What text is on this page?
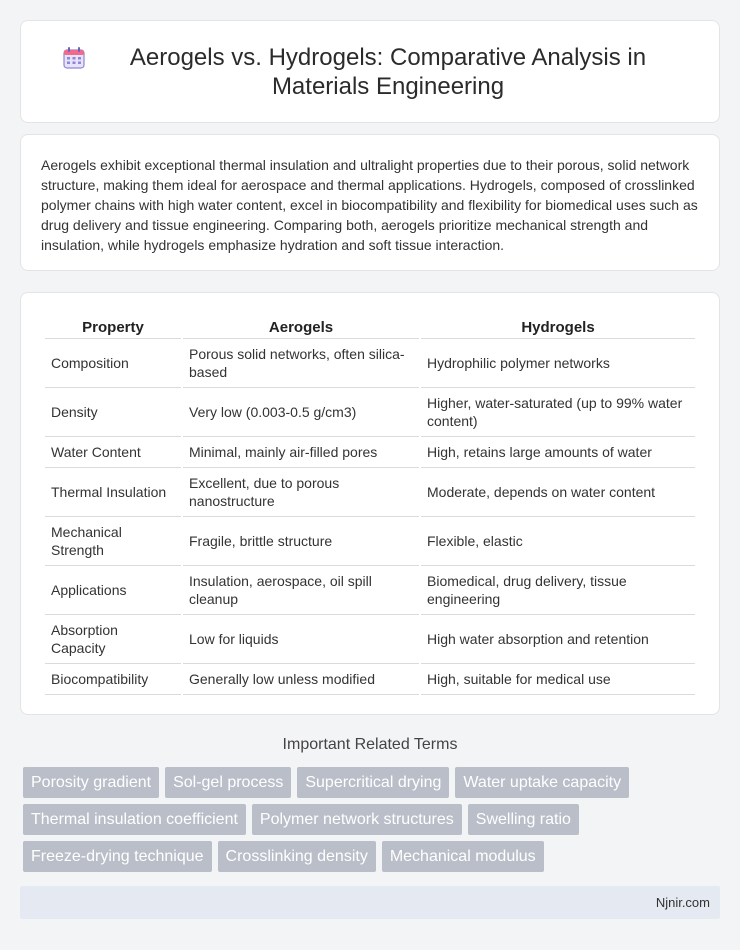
Aerogels vs. Hydrogels: Comparative Analysis in Materials Engineering

Aerogels exhibit exceptional thermal insulation and ultralight properties due to their porous, solid network structure, making them ideal for aerospace and thermal applications. Hydrogels, composed of crosslinked polymer chains with high water content, excel in biocompatibility and flexibility for biomedical uses such as drug delivery and tissue engineering. Comparing both, aerogels prioritize mechanical strength and insulation, while hydrogels emphasize hydration and soft tissue interaction.

Property	Aerogels	Hydrogels
Composition	Porous solid networks, often silica-based	Hydrophilic polymer networks
Density	Very low (0.003-0.5 g/cm3)	Higher, water-saturated (up to 99% water content)
Water Content	Minimal, mainly air-filled pores	High, retains large amounts of water
Thermal Insulation	Excellent, due to porous nanostructure	Moderate, depends on water content
Mechanical Strength	Fragile, brittle structure	Flexible, elastic
Applications	Insulation, aerospace, oil spill cleanup	Biomedical, drug delivery, tissue engineering
Absorption Capacity	Low for liquids	High water absorption and retention
Biocompatibility	Generally low unless modified	High, suitable for medical use
Important Related Terms
Porosity gradient	Sol-gel process	Supercritical drying	Water uptake capacity
Thermal insulation coefficient	Polymer network structures	Swelling ratio
Freeze-drying technique	Crosslinking density	Mechanical modulus
Njnir.com
